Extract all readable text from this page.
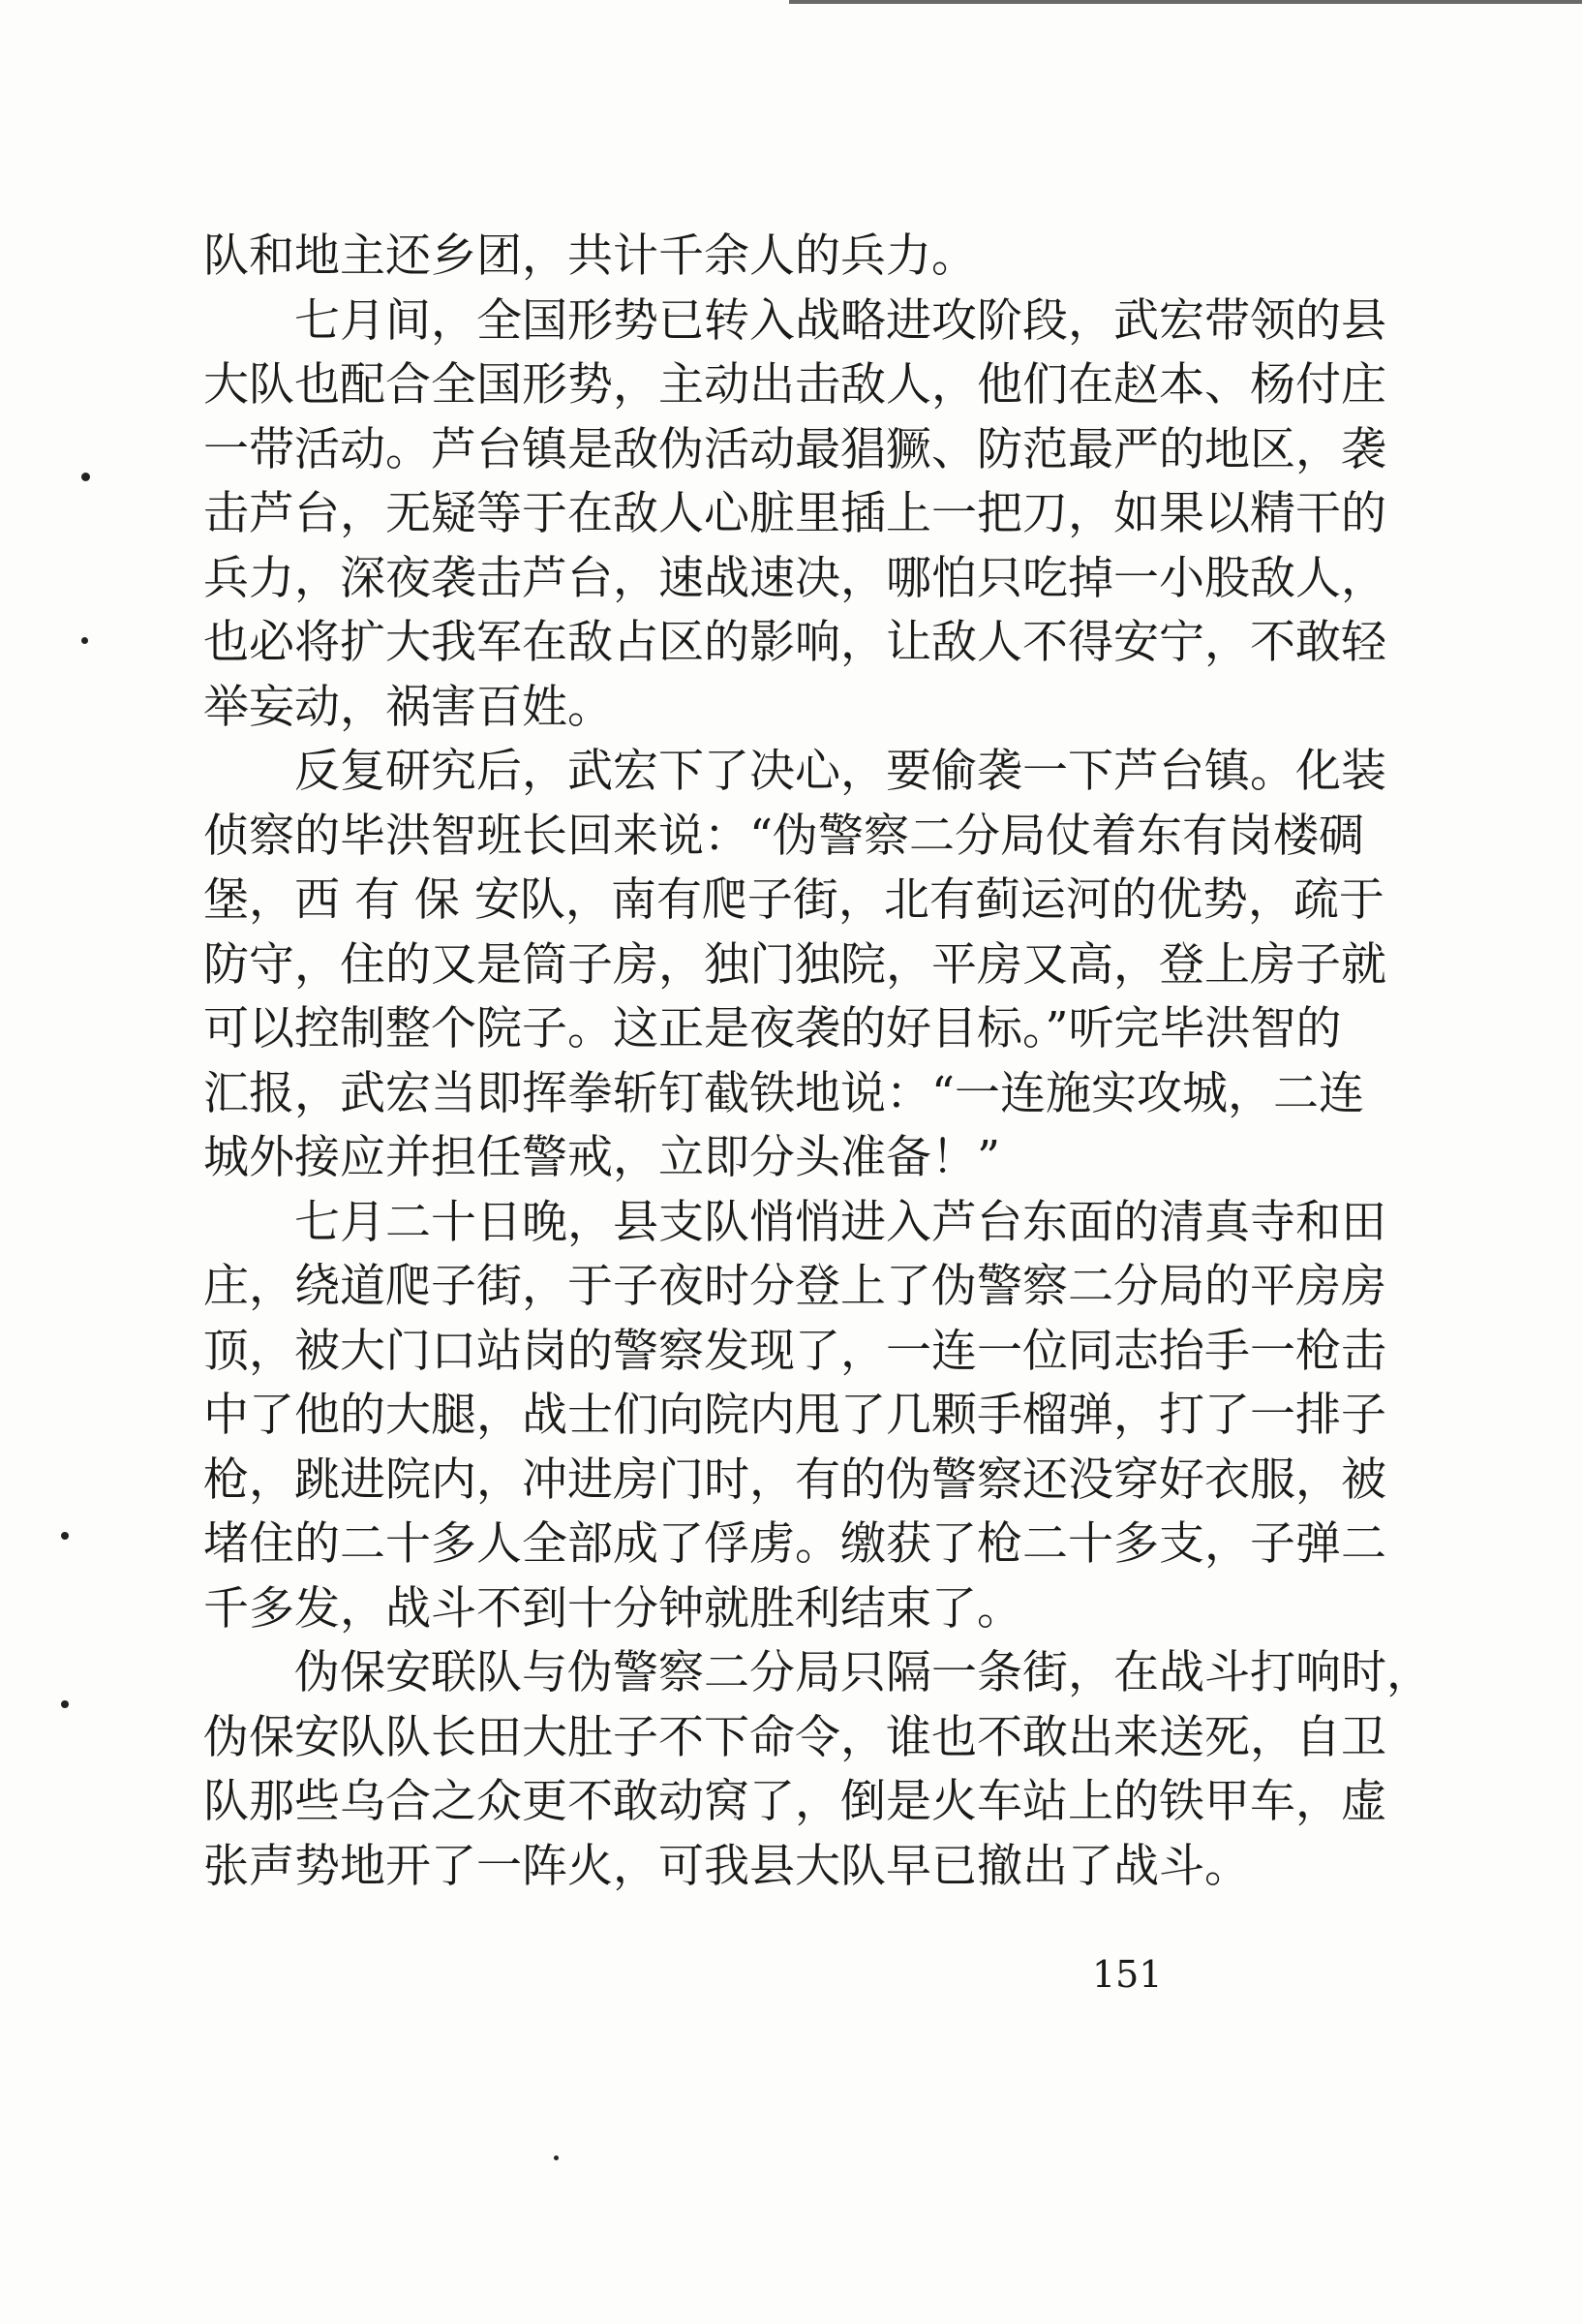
队和地主还乡团，共计千余人的兵力。
七月间，全国形势已转入战略进攻阶段，武宏带领的县
大队也配合全国形势，主动出击敌人，他们在赵本、杨付庄
一带活动。芦台镇是敌伪活动最猖獗、防范最严的地区，袭
击芦台，无疑等于在敌人心脏里插上一把刀，如果以精干的
兵力，深夜袭击芦台，速战速决，哪怕只吃掉一小股敌人，
也必将扩大我军在敌占区的影响，让敌人不得安宁，不敢轻
举妄动，祸害百姓。
反复研究后，武宏下了决心，要偷袭一下芦台镇。化装
侦察的毕洪智班长回来说：“伪警察二分局仗着东有岗楼碉
堡，西 有 保 安队，南有爬子街，北有蓟运河的优势，疏于
防守，住的又是筒子房，独门独院，平房又高，登上房子就
可以控制整个院子。这正是夜袭的好目标。”听完毕洪智的
汇报，武宏当即挥拳斩钉截铁地说：“一连施实攻城，二连
城外接应并担任警戒，立即分头准备！”
七月二十日晚，县支队悄悄进入芦台东面的清真寺和田
庄，绕道爬子街，于子夜时分登上了伪警察二分局的平房房
顶，被大门口站岗的警察发现了，一连一位同志抬手一枪击
中了他的大腿，战士们向院内甩了几颗手榴弹，打了一排子
枪，跳进院内，冲进房门时，有的伪警察还没穿好衣服，被
堵住的二十多人全部成了俘虏。缴获了枪二十多支，子弹二
千多发，战斗不到十分钟就胜利结束了。
伪保安联队与伪警察二分局只隔一条街，在战斗打响时，
伪保安队队长田大肚子不下命令，谁也不敢出来送死，自卫
队那些乌合之众更不敢动窝了，倒是火车站上的铁甲车，虚
张声势地开了一阵火，可我县大队早已撤出了战斗。
151
